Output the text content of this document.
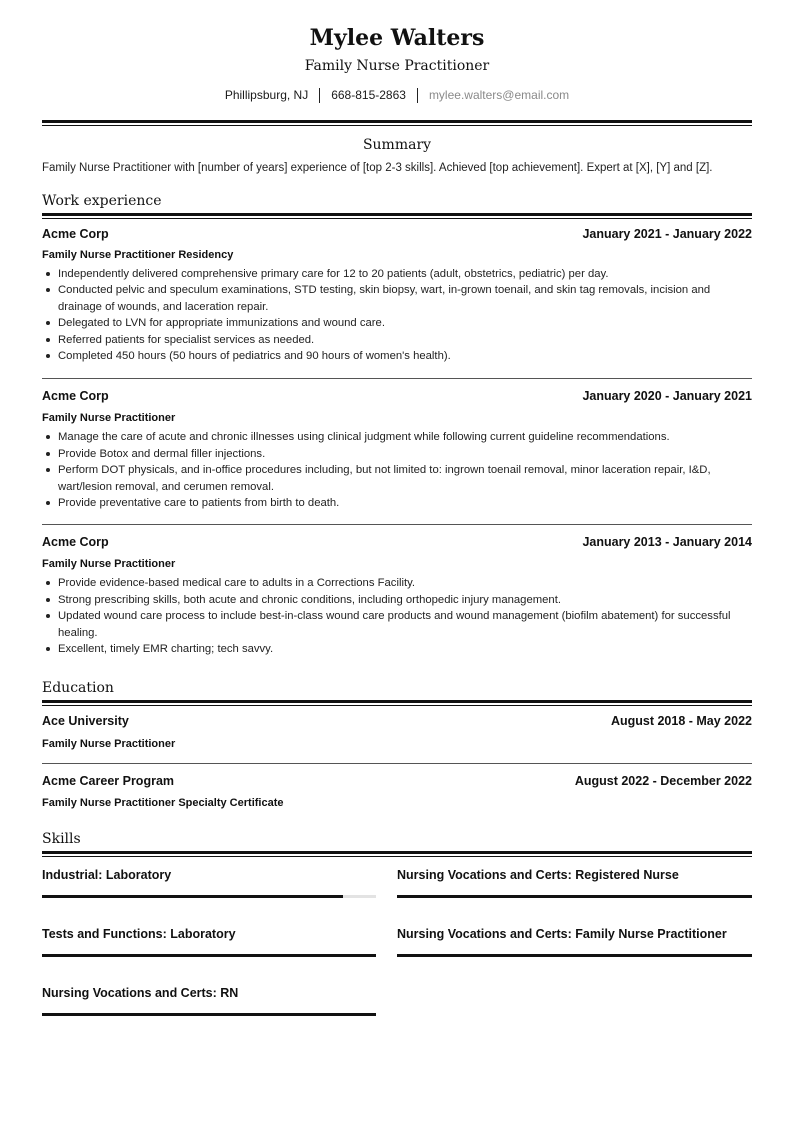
Mylee Walters
Family Nurse Practitioner
Phillipsburg, NJ 668-815-2863 mylee.walters@email.com
Summary
Family Nurse Practitioner with [number of years] experience of [top 2-3 skills]. Achieved [top achievement]. Expert at [X], [Y] and [Z].
Work experience
Acme Corp	January 2021 - January 2022
Family Nurse Practitioner Residency
Independently delivered comprehensive primary care for 12 to 20 patients (adult, obstetrics, pediatric) per day.
Conducted pelvic and speculum examinations, STD testing, skin biopsy, wart, in-grown toenail, and skin tag removals, incision and drainage of wounds, and laceration repair.
Delegated to LVN for appropriate immunizations and wound care.
Referred patients for specialist services as needed.
Completed 450 hours (50 hours of pediatrics and 90 hours of women's health).
Acme Corp	January 2020 - January 2021
Family Nurse Practitioner
Manage the care of acute and chronic illnesses using clinical judgment while following current guideline recommendations.
Provide Botox and dermal filler injections.
Perform DOT physicals, and in-office procedures including, but not limited to: ingrown toenail removal, minor laceration repair, I&D, wart/lesion removal, and cerumen removal.
Provide preventative care to patients from birth to death.
Acme Corp	January 2013 - January 2014
Family Nurse Practitioner
Provide evidence-based medical care to adults in a Corrections Facility.
Strong prescribing skills, both acute and chronic conditions, including orthopedic injury management.
Updated wound care process to include best-in-class wound care products and wound management (biofilm abatement) for successful healing.
Excellent, timely EMR charting; tech savvy.
Education
Ace University	August 2018 - May 2022
Family Nurse Practitioner
Acme Career Program	August 2022 - December 2022
Family Nurse Practitioner Specialty Certificate
Skills
Industrial: Laboratory	Nursing Vocations and Certs: Registered Nurse
Tests and Functions: Laboratory	Nursing Vocations and Certs: Family Nurse Practitioner
Nursing Vocations and Certs: RN
